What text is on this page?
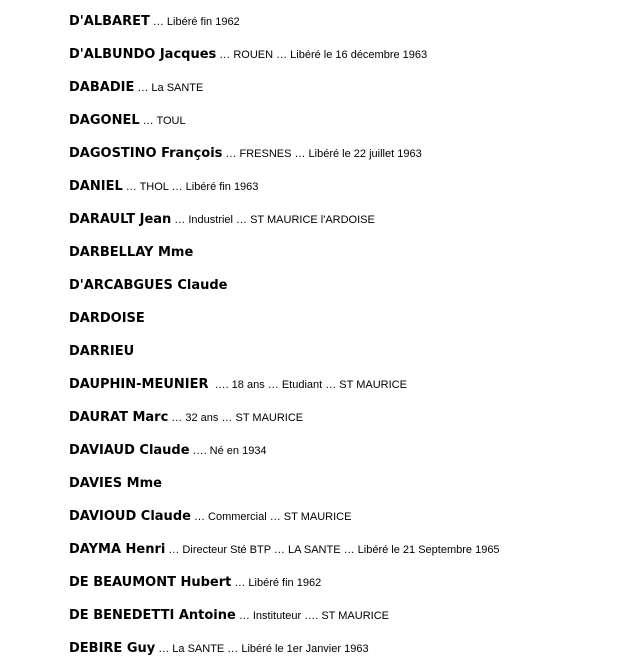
D'ALBARET … Libéré fin 1962
D'ALBUNDO Jacques … ROUEN … Libéré le 16 décembre 1963
DABADIE … La SANTE
DAGONEL … TOUL
DAGOSTINO François … FRESNES … Libéré le 22 juillet 1963
DANIEL … THOL … Libéré fin 1963
DARAULT Jean … Industriel … ST MAURICE l'ARDOISE
DARBELLAY Mme
D'ARCABGUES Claude
DARDOISE
DARRIEU
DAUPHIN-MEUNIER …. 18 ans … Etudiant … ST MAURICE
DAURAT Marc … 32 ans … ST MAURICE
DAVIAUD Claude …. Né en 1934
DAVIES Mme
DAVIOUD Claude … Commercial … ST MAURICE
DAYMA Henri … Directeur Sté BTP … LA SANTE … Libéré le 21 Septembre 1965
DE BEAUMONT Hubert … Libéré fin 1962
DE BENEDETTI Antoine … Instituteur …. ST MAURICE
DEBIRE Guy … La SANTE … Libéré le 1er Janvier 1963
